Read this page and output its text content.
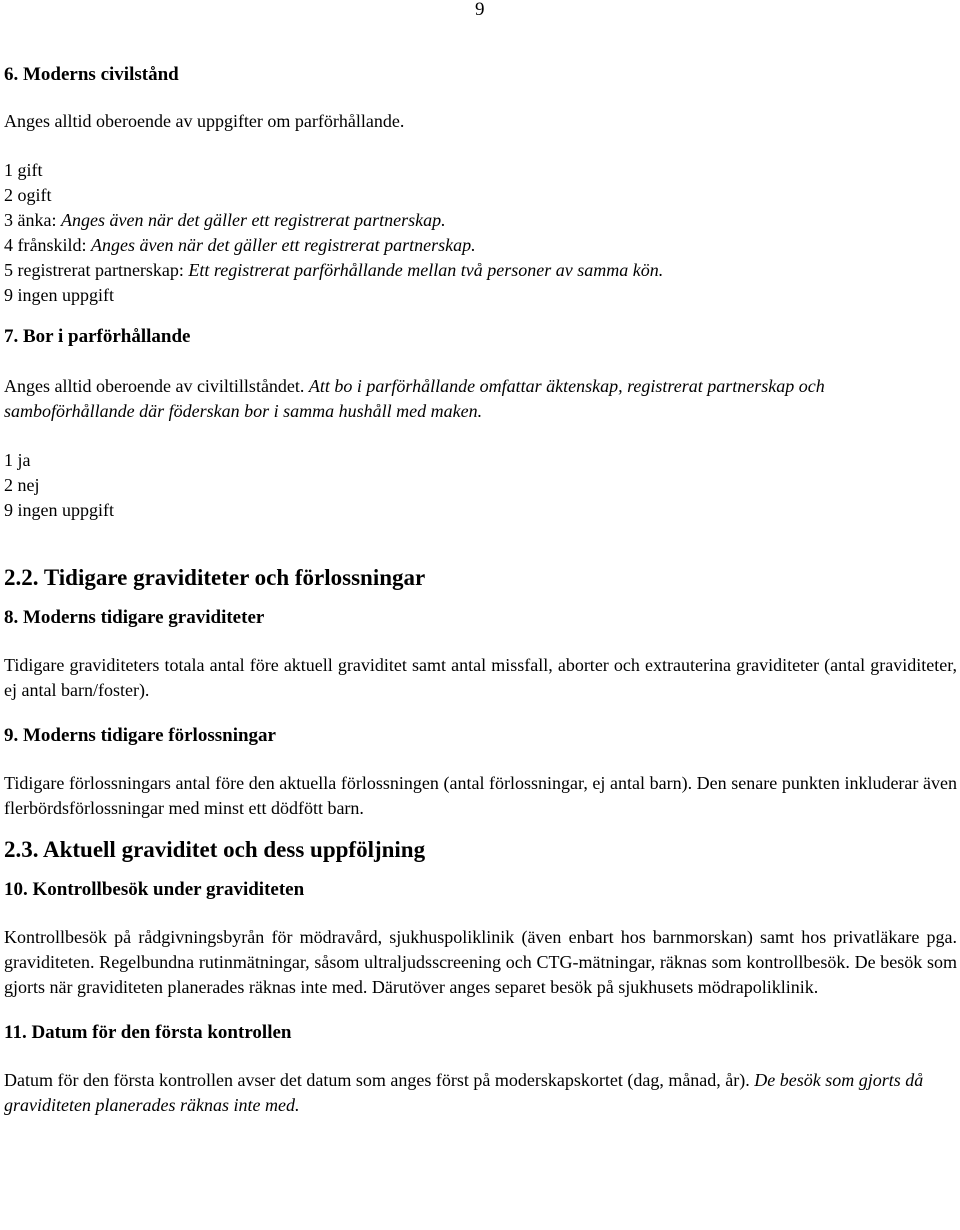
9
6. Moderns civilstånd

Anges alltid oberoende av uppgifter om parförhållande.

1 gift

2 ogift

3 änka: Anges även när det gäller ett registrerat partnerskap.

4 frånskild: Anges även när det gäller ett registrerat partnerskap.

5 registrerat partnerskap: Ett registrerat parförhållande mellan två personer av samma kön.

9 ingen uppgift

7. Bor i parförhållande

Anges alltid oberoende av civiltillståndet. Att bo i parförhållande omfattar äktenskap, registrerat partnerskap och samboförhållande där föderskan bor i samma hushåll med maken.

1 ja

2 nej

9 ingen uppgift

2.2. Tidigare graviditeter och förlossningar
8. Moderns tidigare graviditeter

Tidigare graviditeters totala antal före aktuell graviditet samt antal missfall, aborter och extrauterina graviditeter (antal graviditeter, ej antal barn/foster).

9. Moderns tidigare förlossningar

Tidigare förlossningars antal före den aktuella förlossningen (antal förlossningar, ej antal barn). Den senare punkten inkluderar även flerbördsförlossningar med minst ett dödfött barn.

2.3. Aktuell graviditet och dess uppföljning
10. Kontrollbesök under graviditeten

Kontrollbesök på rådgivningsbyrån för mödravård, sjukhuspoliklinik (även enbart hos barnmorskan) samt hos privatläkare pga. graviditeten. Regelbundna rutinmätningar, såsom ultraljudsscreening och CTG-mätningar, räknas som kontrollbesök. De besök som gjorts när graviditeten planerades räknas inte med. Därutöver anges separet besök på sjukhusets mödrapoliklinik.

11. Datum för den första kontrollen

Datum för den första kontrollen avser det datum som anges först på moderskapskortet (dag, månad, år). De besök som gjorts då graviditeten planerades räknas inte med.
